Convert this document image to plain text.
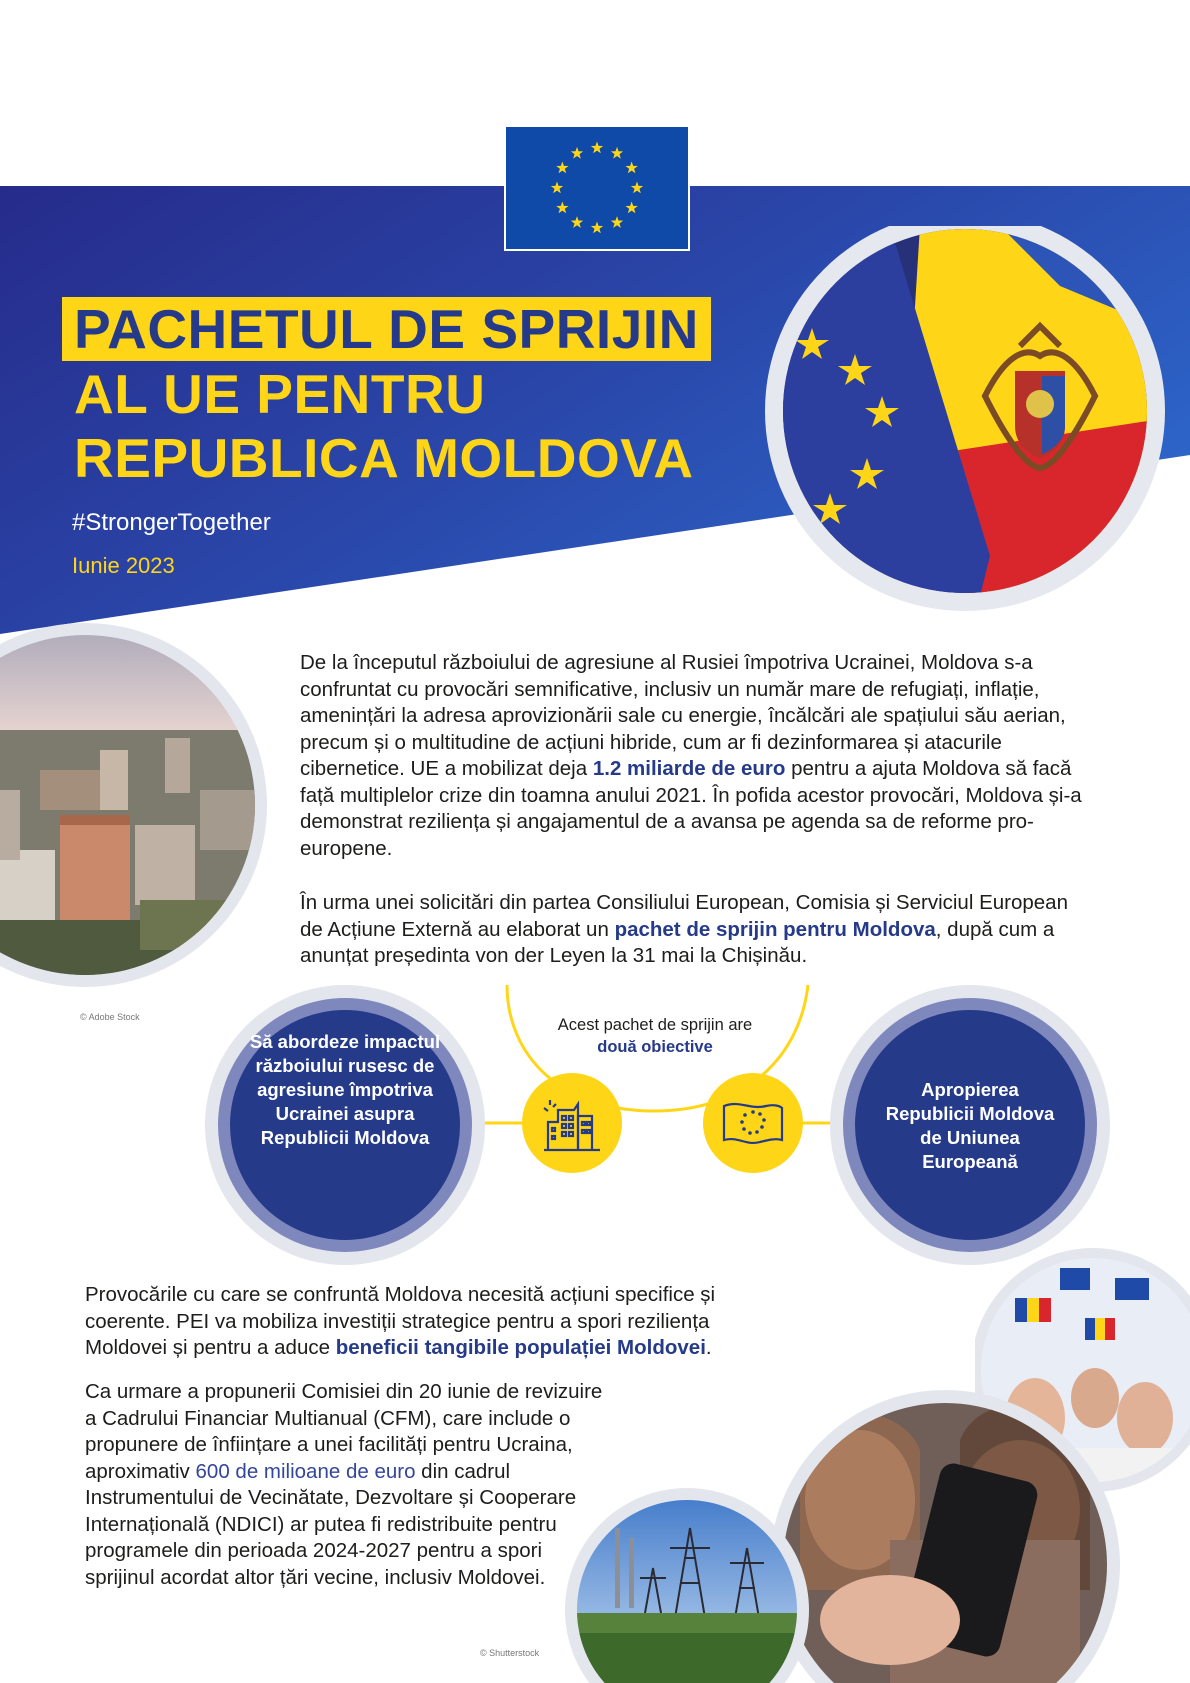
PACHETUL DE SPRIJIN
AL UE PENTRU
REPUBLICA MOLDOVA
#StrongerTogether
Iunie 2023
© Adobe Stock
De la începutul războiului de agresiune al Rusiei împotriva Ucrainei, Moldova s-a confruntat cu provocări semnificative, inclusiv un număr mare de refugiați, inflație, amenințări la adresa aprovizionării sale cu energie, încălcări ale spațiului său aerian, precum și o multitudine de acțiuni hibride, cum ar fi dezinformarea și atacurile cibernetice. UE a mobilizat deja 1.2 miliarde de euro pentru a ajuta Moldova să facă față multiplelor crize din toamna anului 2021. În pofida acestor provocări, Moldova și-a demonstrat reziliența și angajamentul de a avansa pe agenda sa de reforme pro-europene.
În urma unei solicitări din partea Consiliului European, Comisia și Serviciul European de Acțiune Externă au elaborat un pachet de sprijin pentru Moldova, după cum a anunțat președinta von der Leyen la 31 mai la Chișinău.
Acest pachet de sprijin are două obiective
Să abordeze impactul războiului rusesc de agresiune împotriva Ucrainei asupra Republicii Moldova
Apropierea Republicii Moldova de Uniunea Europeană
Provocările cu care se confruntă Moldova necesită acțiuni specifice și coerente. PEI va mobiliza investiții strategice pentru a spori reziliența Moldovei și pentru a aduce beneficii tangibile populației Moldovei.
Ca urmare a propunerii Comisiei din 20 iunie de revizuire a Cadrului Financiar Multianual (CFM), care include o propunere de înființare a unei facilități pentru Ucraina, aproximativ 600 de milioane de euro din cadrul Instrumentului de Vecinătate, Dezvoltare și Cooperare Internațională (NDICI) ar putea fi redistribuite pentru programele din perioada 2024-2027 pentru a spori sprijinul acordat altor țări vecine, inclusiv Moldovei.
© Shutterstock
